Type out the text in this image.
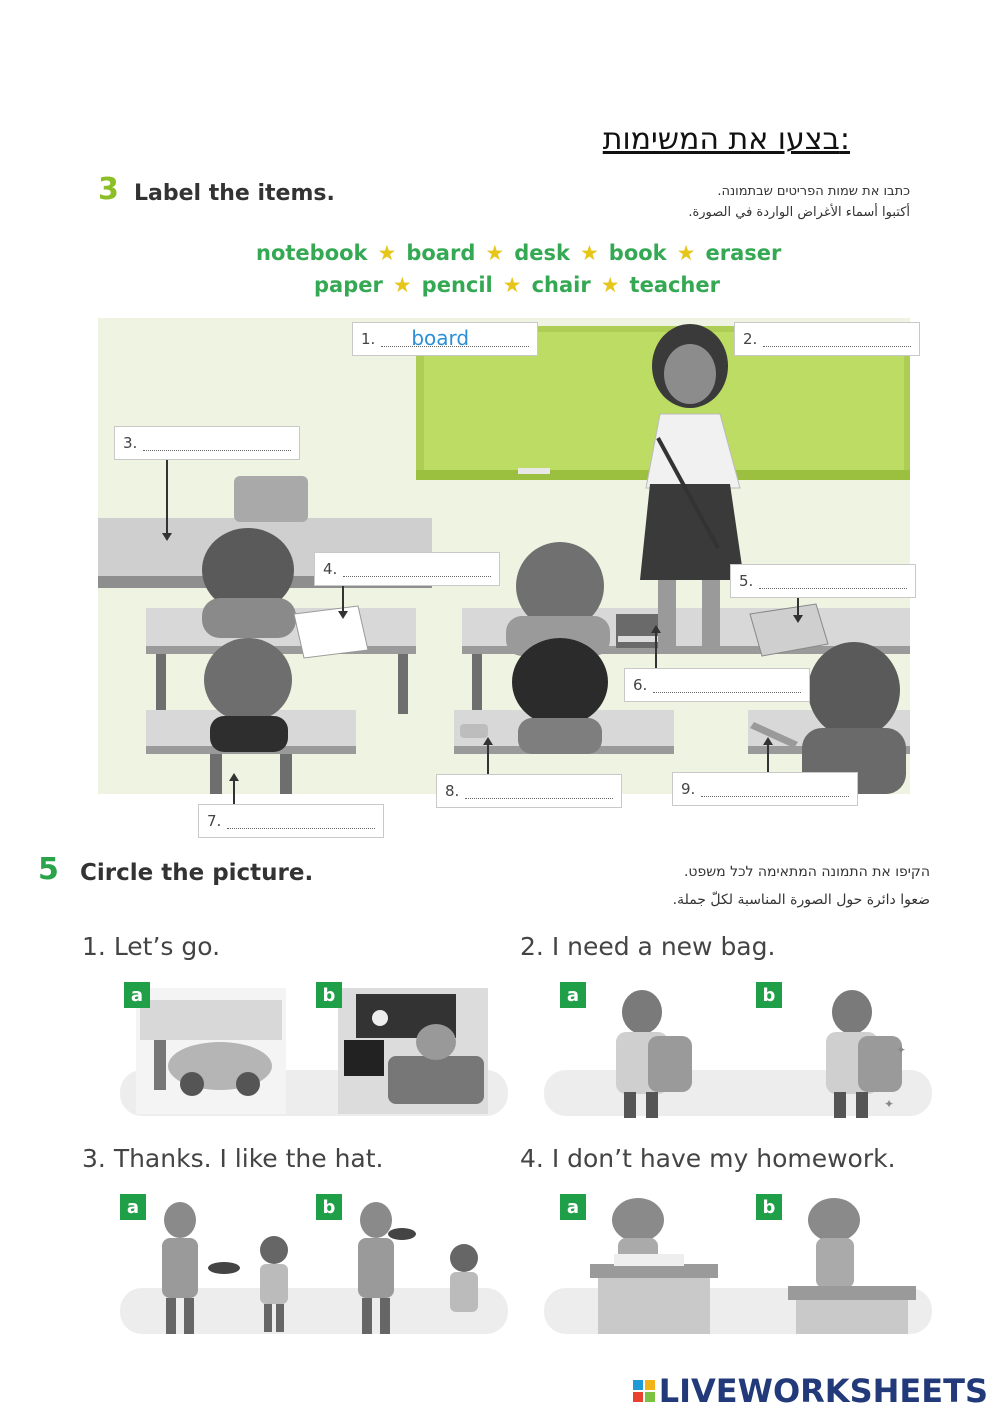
בצעו את המשימות:
3 Label the items.	כתבו את שמות הפריטים שבתמונה.
أكتبوا أسماء الأغراض الواردة في الصورة.
notebook ★ board ★ desk ★ book ★ eraser
paper ★ pencil ★ chair ★ teacher
1. board	2.
3.
4.
5.
6.
7.
8.	9.
5 Circle the picture.	הקיפו את התמונה המתאימה לכל משפט.
ضعوا دائرة حول الصورة المناسبة لكلّ جملة.
1. Let’s go.
a	b
2. I need a new bag.
✦
✦
a	b
3. Thanks. I like the hat.
a	b
4. I don’t have my homework.
a	b
LIVEWORKSHEETS
